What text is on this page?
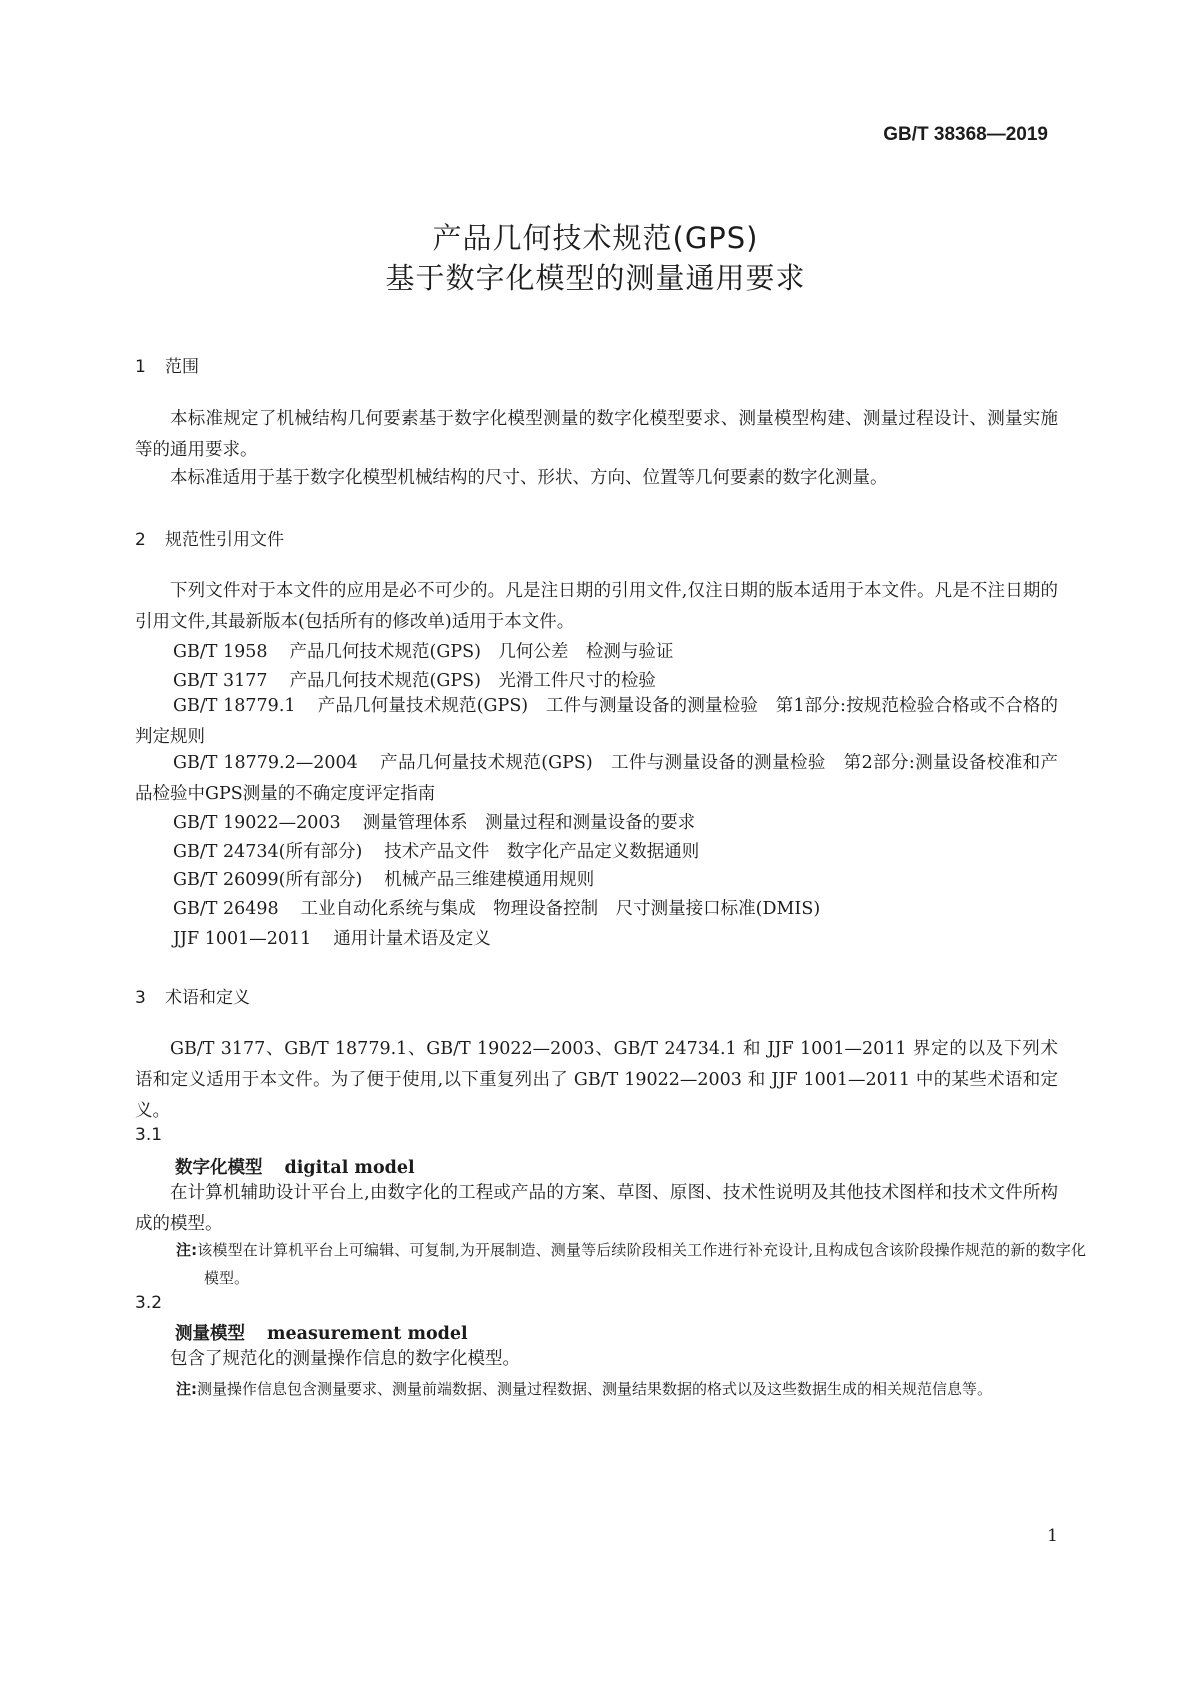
GB/T 38368—2019
产品几何技术规范(GPS)
基于数字化模型的测量通用要求
1 范围
本标准规定了机械结构几何要素基于数字化模型测量的数字化模型要求、测量模型构建、测量过程设计、测量实施等的通用要求。
本标准适用于基于数字化模型机械结构的尺寸、形状、方向、位置等几何要素的数字化测量。
2 规范性引用文件
下列文件对于本文件的应用是必不可少的。凡是注日期的引用文件,仅注日期的版本适用于本文件。凡是不注日期的引用文件,其最新版本(包括所有的修改单)适用于本文件。
GB/T 1958 产品几何技术规范(GPS)　几何公差　检测与验证
GB/T 3177 产品几何技术规范(GPS)　光滑工件尺寸的检验
GB/T 18779.1 产品几何量技术规范(GPS)　工件与测量设备的测量检验　第1部分:按规范检验合格或不合格的判定规则
GB/T 18779.2—2004 产品几何量技术规范(GPS)　工件与测量设备的测量检验　第2部分:测量设备校准和产品检验中GPS测量的不确定度评定指南
GB/T 19022—2003 测量管理体系　测量过程和测量设备的要求
GB/T 24734(所有部分) 技术产品文件　数字化产品定义数据通则
GB/T 26099(所有部分) 机械产品三维建模通用规则
GB/T 26498 工业自动化系统与集成　物理设备控制　尺寸测量接口标准(DMIS)
JJF 1001—2011 通用计量术语及定义
3 术语和定义
GB/T 3177、GB/T 18779.1、GB/T 19022—2003、GB/T 24734.1 和 JJF 1001—2011 界定的以及下列术语和定义适用于本文件。为了便于使用,以下重复列出了 GB/T 19022—2003 和 JJF 1001—2011 中的某些术语和定义。
3.1
数字化模型 digital model
在计算机辅助设计平台上,由数字化的工程或产品的方案、草图、原图、技术性说明及其他技术图样和技术文件所构成的模型。
注:该模型在计算机平台上可编辑、可复制,为开展制造、测量等后续阶段相关工作进行补充设计,且构成包含该阶段操作规范的新的数字化模型。
3.2
测量模型 measurement model
包含了规范化的测量操作信息的数字化模型。
注:测量操作信息包含测量要求、测量前端数据、测量过程数据、测量结果数据的格式以及这些数据生成的相关规范信息等。
1
